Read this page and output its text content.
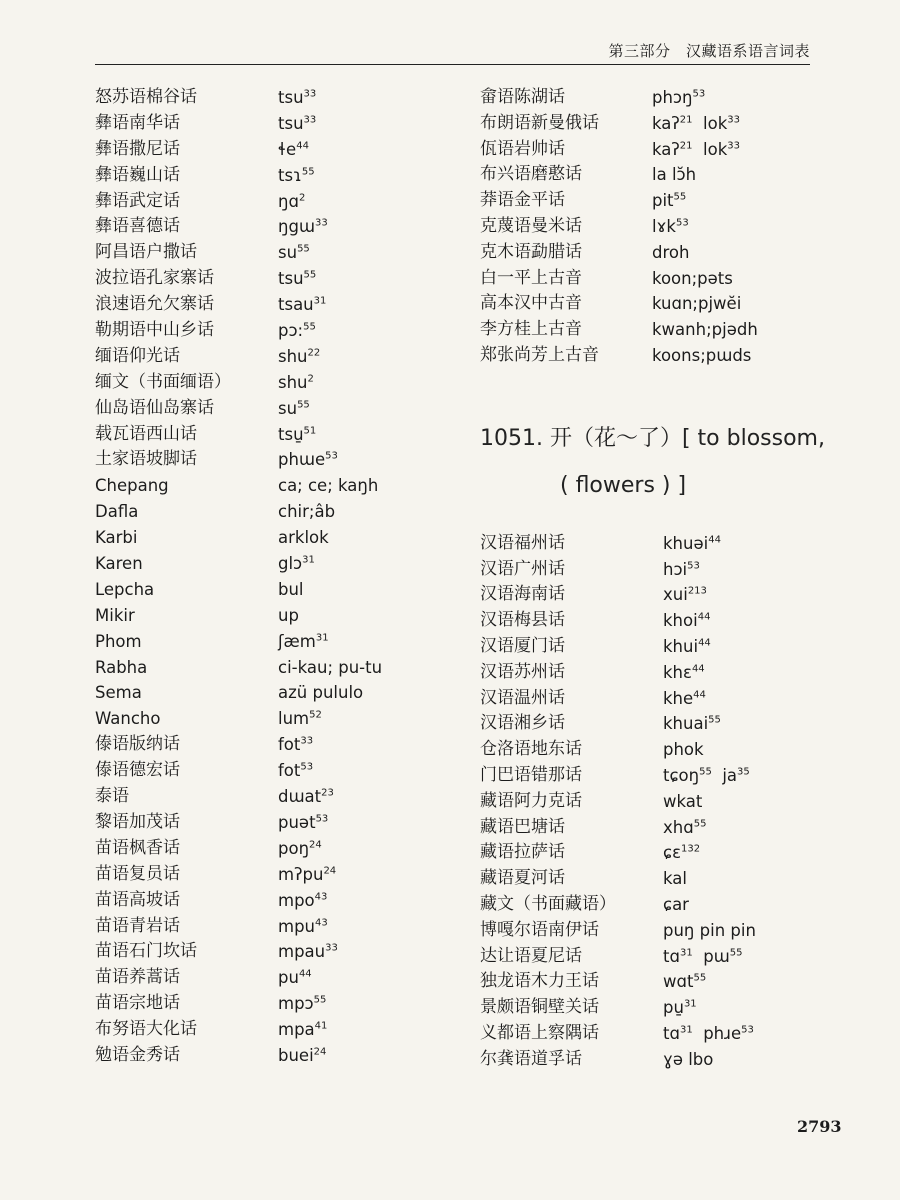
第三部分　汉藏语系语言词表
怒苏语棉谷话	tsu$^{33}$
彝语南华话	tsu$^{33}$
彝语撒尼话	ɬe$^{44}$
彝语巍山话	tsɿ$^{55}$
彝语武定话	ŋɑ$^2$
彝语喜德话	ŋgɯ$^{33}$
阿昌语户撒话	$su^{55}$
波拉语孔家寨话	tsu$^{55}$
浪速语允欠寨话	tsau$^{31}$
勒期语中山乡话	pɔ:$^{55}$
缅语仰光话	shu$^{22}$
缅文（书面缅语）	shu$^2$
仙岛语仙岛寨话	$su^{55}$
载瓦语西山话	tsu̱$^{51}$
土家语坡脚话	phɯe$^{53}$
Chepang	ca; ce; kaŋh
Dafla	chir;âb
Karbi	arklok
Karen	glɔ$^{31}$
Lepcha	bul
Mikir	up
Phom	ʃæm$^{31}$
Rabha	ci-kau; pu-tu
Sema	azü pululo
Wancho	lum$^{52}$
傣语版纳话	fot$^{33}$
傣语德宏话	fot$^{53}$
泰语	dɯat$^{23}$
黎语加茂话	puət$^{53}$
苗语枫香话	poŋ$^{24}$
苗语复员话	mʔpu$^{24}$
苗语高坡话	mpo$^{43}$
苗语青岩话	mpu$^{43}$
苗语石门坎话	mpau$^{33}$
苗语养蒿话	$pu^{44}$
苗语宗地话	mpɔ$^{55}$
布努语大化话	mpa$^{41}$
勉语金秀话	buei$^{24}$
畲语陈湖话	phɔŋ$^{53}$
布朗语新曼俄话	kaʔ$^{21}$ lok$^{33}$
佤语岩帅话	kaʔ$^{21}$ lok$^{33}$
布兴语磨憨话	la lɔ̆h
莽语金平话	pit$^{55}$
克蔑语曼米话	lɤk$^{53}$
克木语勐腊话	droh
白一平上古音	koon;pəts
高本汉中古音	kuɑn;pjwĕi
李方桂上古音	kwanh;pjədh
郑张尚芳上古音	koons;pɯds
1051. 开（花～了）[ to blossom,
( flowers ) ]
汉语福州话	khuəi$^{44}$
汉语广州话	hɔi$^{53}$
汉语海南话	xui$^{213}$
汉语梅县话	khoi$^{44}$
汉语厦门话	khui$^{44}$
汉语苏州话	khɛ$^{44}$
汉语温州话	khe$^{44}$
汉语湘乡话	khuai$^{55}$
仓洛语地东话	phok
门巴语错那话	tɕoŋ$^{55}$ $ja^{35}$
藏语阿力克话	wkat
藏语巴塘话	xhɑ$^{55}$
藏语拉萨话	ɕɛ$^{132}$
藏语夏河话	kal
藏文（书面藏语）	ɕar
博嘎尔语南伊话	puŋ pin pin
达让语夏尼话	tɑ$^{31}$ pɯ$^{55}$
独龙语木力王话	wɑt$^{55}$
景颇语铜壁关话	pu̱$^{31}$
义都语上察隅话	tɑ$^{31}$ phɹe$^{53}$
尔龚语道孚话	ɣə lbo
2793
